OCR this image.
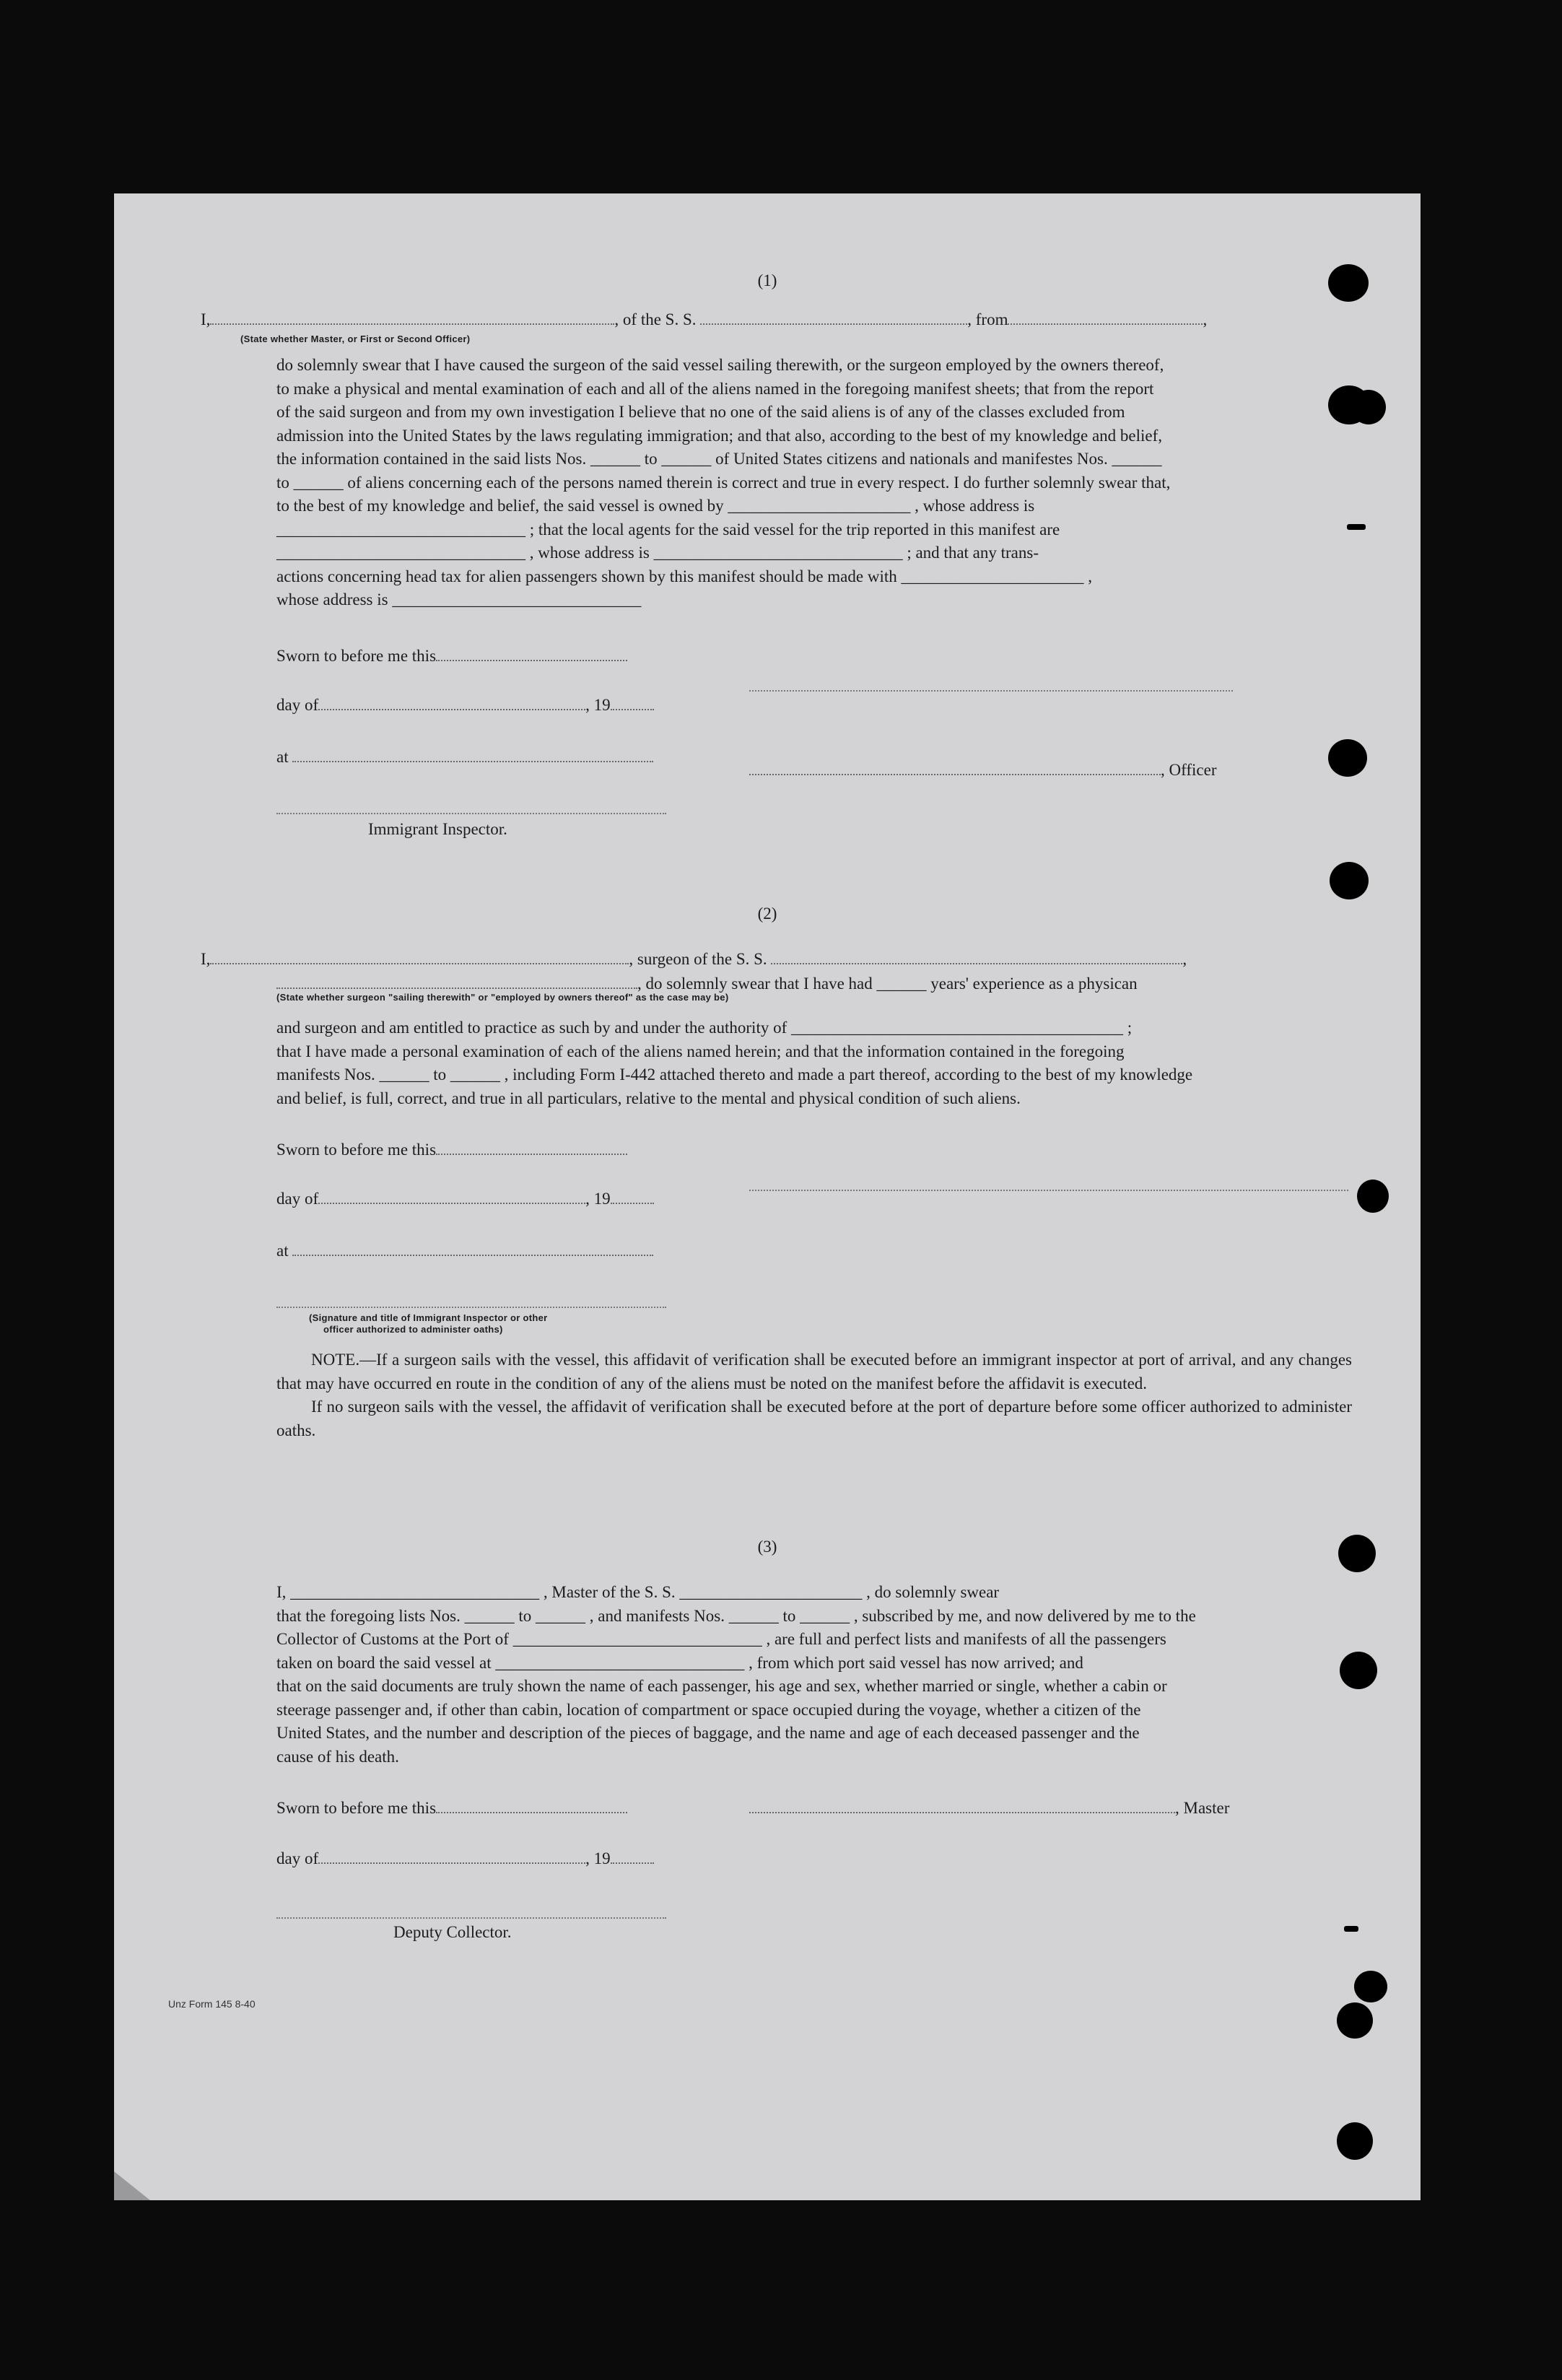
(1)
I,	, of the S. S.	, from	,
(State whether Master, or First or Second Officer)

do solemnly swear that I have caused the surgeon of the said vessel sailing therewith, or the surgeon employed by the owners thereof,

to make a physical and mental examination of each and all of the aliens named in the foregoing manifest sheets; that from the report

of the said surgeon and from my own investigation I believe that no one of the said aliens is of any of the classes excluded from

admission into the United States by the laws regulating immigration; and that also, according to the best of my knowledge and belief,

the information contained in the said lists Nos. ______ to ______ of United States citizens and nationals and manifestes Nos. ______

to ______ of aliens concerning each of the persons named therein is correct and true in every respect. I do further solemnly swear that,

to the best of my knowledge and belief, the said vessel is owned by ______________________ , whose address is

______________________________ ; that the local agents for the said vessel for the trip reported in this manifest are

______________________________ , whose address is ______________________________ ; and that any trans-

actions concerning head tax for alien passengers shown by this manifest should be made with ______________________ ,

whose address is ______________________________

Sworn to before me this
day of	, 19
at
, Officer
Immigrant Inspector.
(2)
I,	, surgeon of the S. S.	,
, do solemnly swear that I have had ______ years' experience as a physican
(State whether surgeon "sailing therewith" or "employed by owners thereof" as the case may be)

and surgeon and am entitled to practice as such by and under the authority of ________________________________________ ;

that I have made a personal examination of each of the aliens named herein; and that the information contained in the foregoing

manifests Nos. ______ to ______ , including Form I-442 attached thereto and made a part thereof, according to the best of my knowledge

and belief, is full, correct, and true in all particulars, relative to the mental and physical condition of such aliens.

Sworn to before me this
day of	, 19
at
(Signature and title of Immigrant Inspector or other
officer authorized to administer oaths)

NOTE.—If a surgeon sails with the vessel, this affidavit of verification shall be executed before an immigrant inspector at port of arrival, and any changes that may have occurred en route in the condition of any of the aliens must be noted on the manifest before the affidavit is executed.

If no surgeon sails with the vessel, the affidavit of verification shall be executed before at the port of departure before some officer authorized to administer oaths.

(3)

I, ______________________________ , Master of the S. S. ______________________ , do solemnly swear

that the foregoing lists Nos. ______ to ______ , and manifests Nos. ______ to ______ , subscribed by me, and now delivered by me to the

Collector of Customs at the Port of ______________________________ , are full and perfect lists and manifests of all the passengers

taken on board the said vessel at ______________________________ , from which port said vessel has now arrived; and

that on the said documents are truly shown the name of each passenger, his age and sex, whether married or single, whether a cabin or

steerage passenger and, if other than cabin, location of compartment or space occupied during the voyage, whether a citizen of the

United States, and the number and description of the pieces of baggage, and the name and age of each deceased passenger and the

cause of his death.

Sworn to before me this	, Master
day of	, 19
Deputy Collector.
Unz Form 145 8-40
